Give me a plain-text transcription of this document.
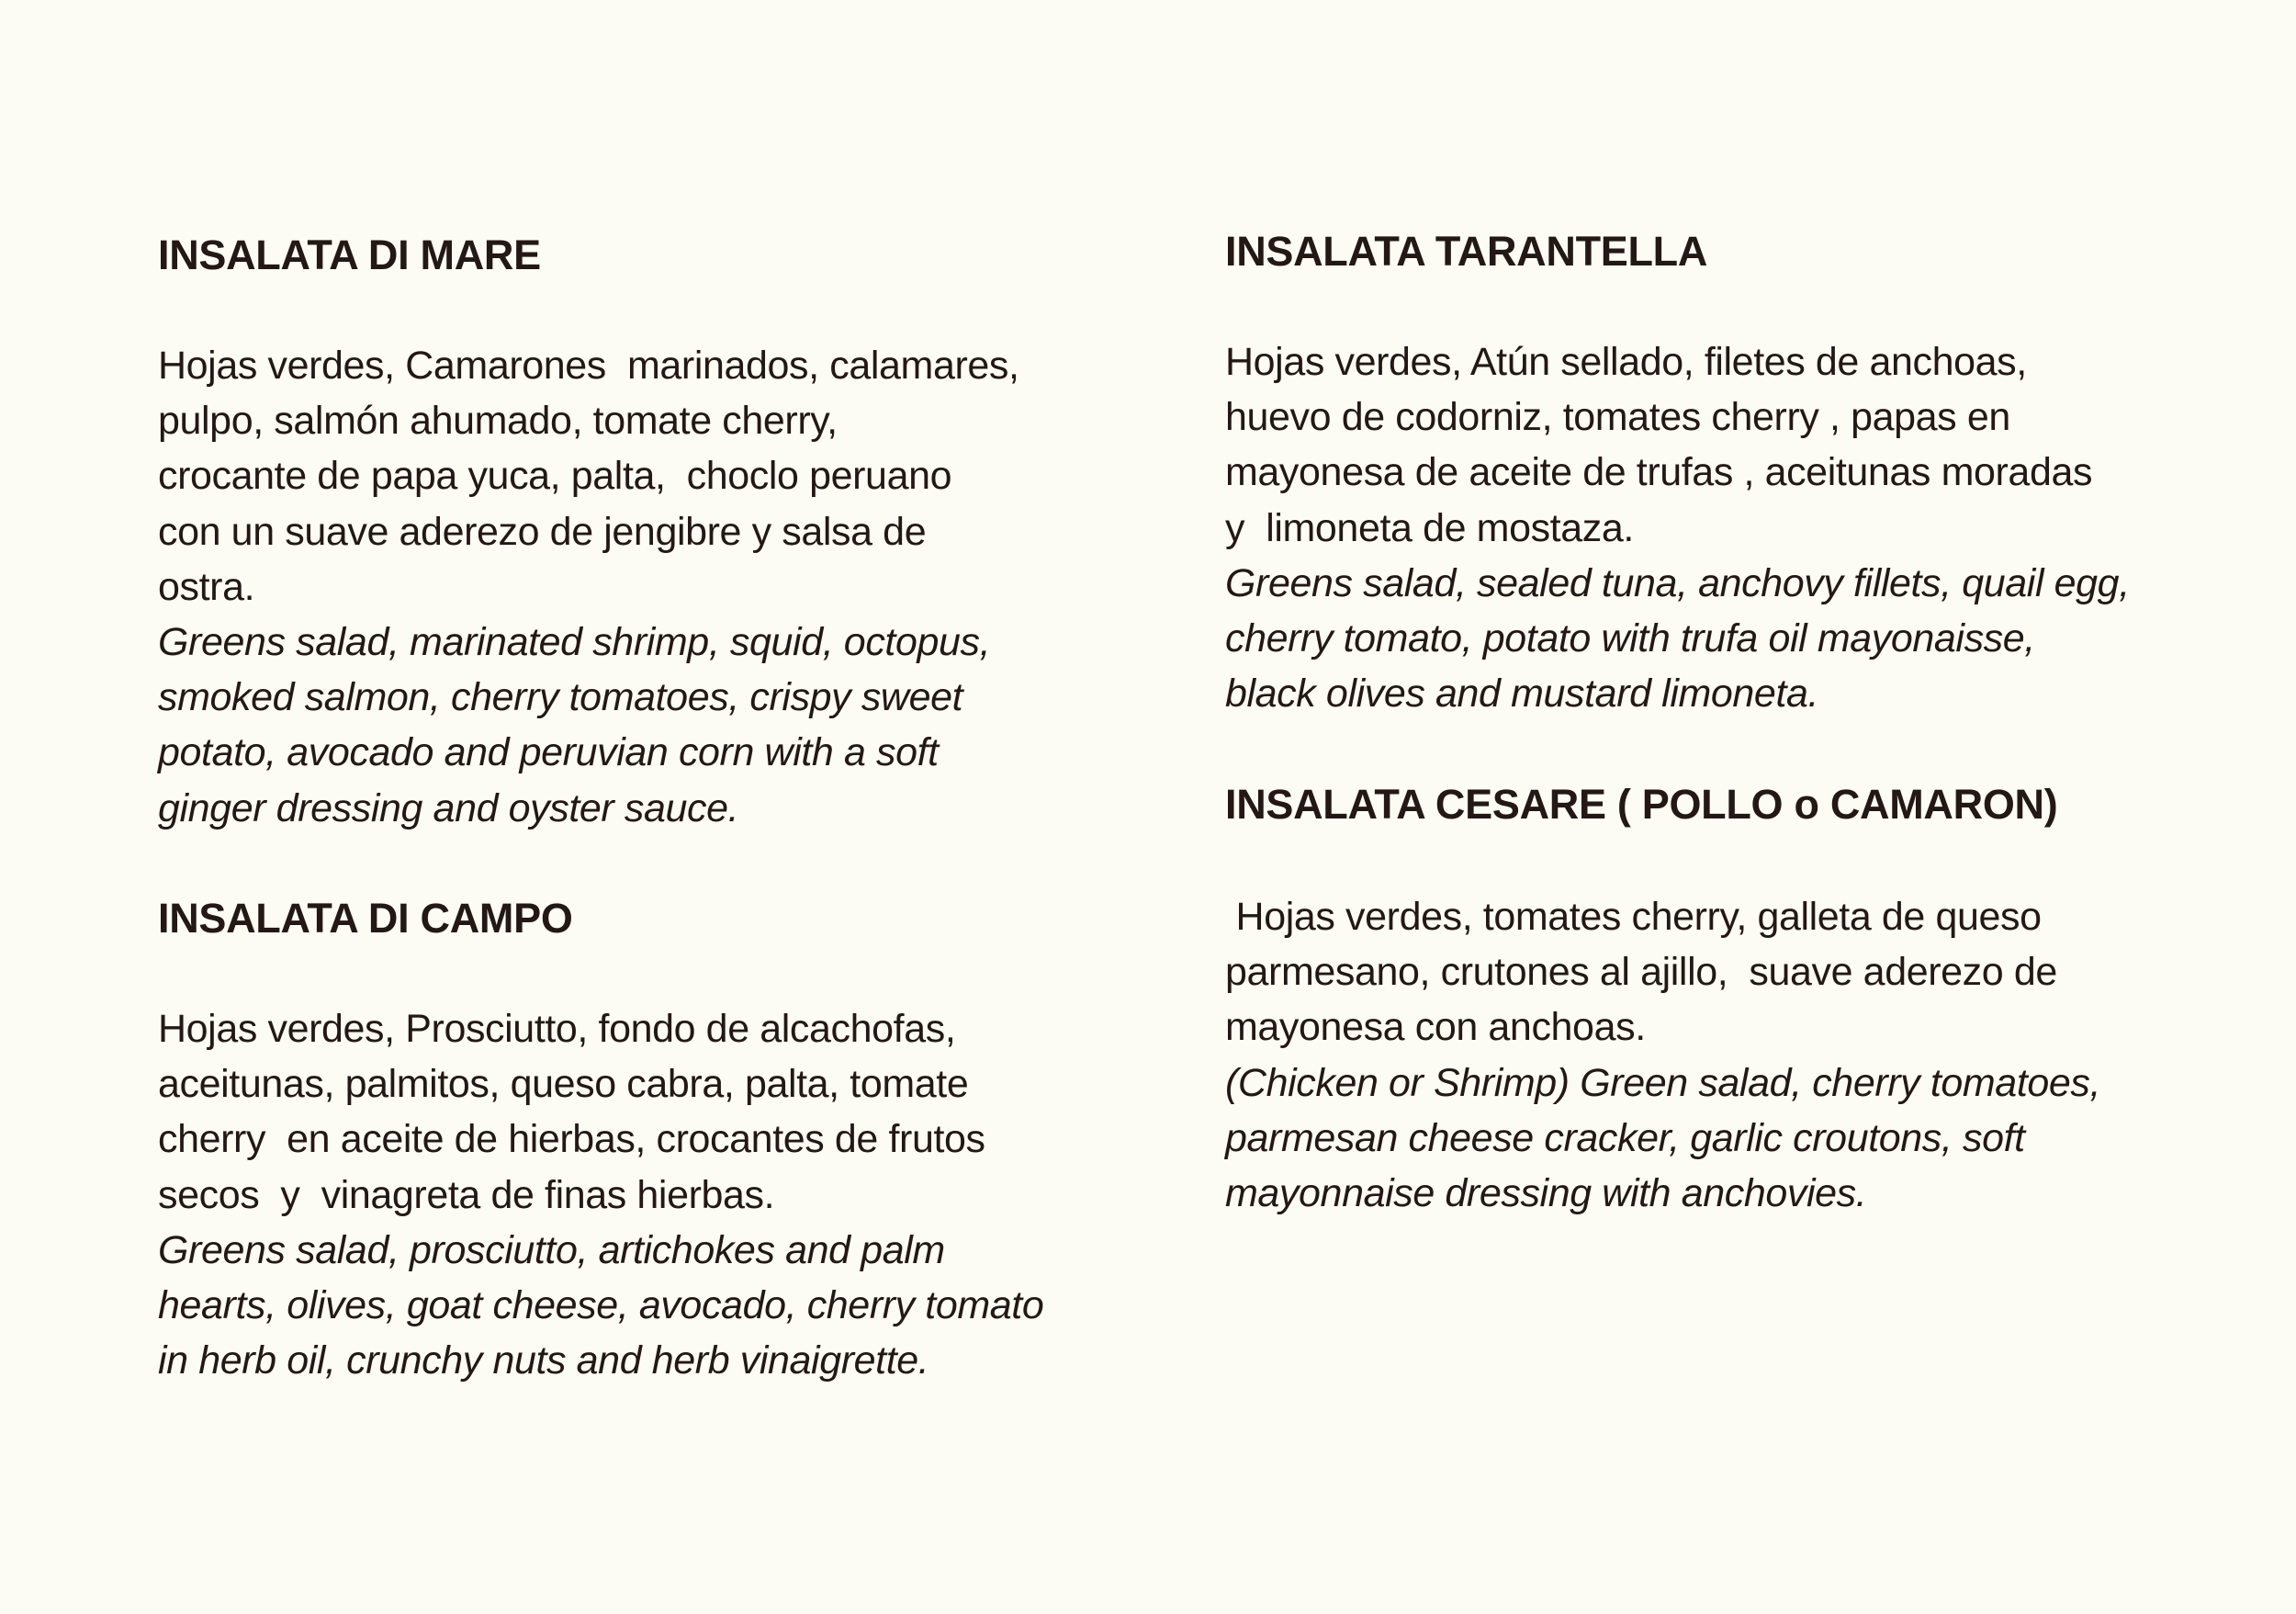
INSALATA DI MARE
Hojas verdes, Camarones  marinados, calamares,
pulpo, salmón ahumado, tomate cherry,
crocante de papa yuca, palta,  choclo peruano
con un suave aderezo de jengibre y salsa de
ostra.
Greens salad, marinated shrimp, squid, octopus,
smoked salmon, cherry tomatoes, crispy sweet
potato, avocado and peruvian corn with a soft
ginger dressing and oyster sauce.
INSALATA DI CAMPO
Hojas verdes, Prosciutto, fondo de alcachofas,
aceitunas, palmitos, queso cabra, palta, tomate
cherry  en aceite de hierbas, crocantes de frutos
secos  y  vinagreta de finas hierbas.
Greens salad, prosciutto, artichokes and palm
hearts, olives, goat cheese, avocado, cherry tomato
in herb oil, crunchy nuts and herb vinaigrette.
INSALATA TARANTELLA
Hojas verdes, Atún sellado, filetes de anchoas,
huevo de codorniz, tomates cherry , papas en
mayonesa de aceite de trufas , aceitunas moradas
y  limoneta de mostaza.
Greens salad, sealed tuna, anchovy fillets, quail egg,
cherry tomato, potato with trufa oil mayonaisse,
black olives and mustard limoneta.
INSALATA CESARE ( POLLO o CAMARON)
Hojas verdes, tomates cherry, galleta de queso
parmesano, crutones al ajillo,  suave aderezo de
mayonesa con anchoas.
(Chicken or Shrimp) Green salad, cherry tomatoes,
parmesan cheese cracker, garlic croutons, soft
mayonnaise dressing with anchovies.
